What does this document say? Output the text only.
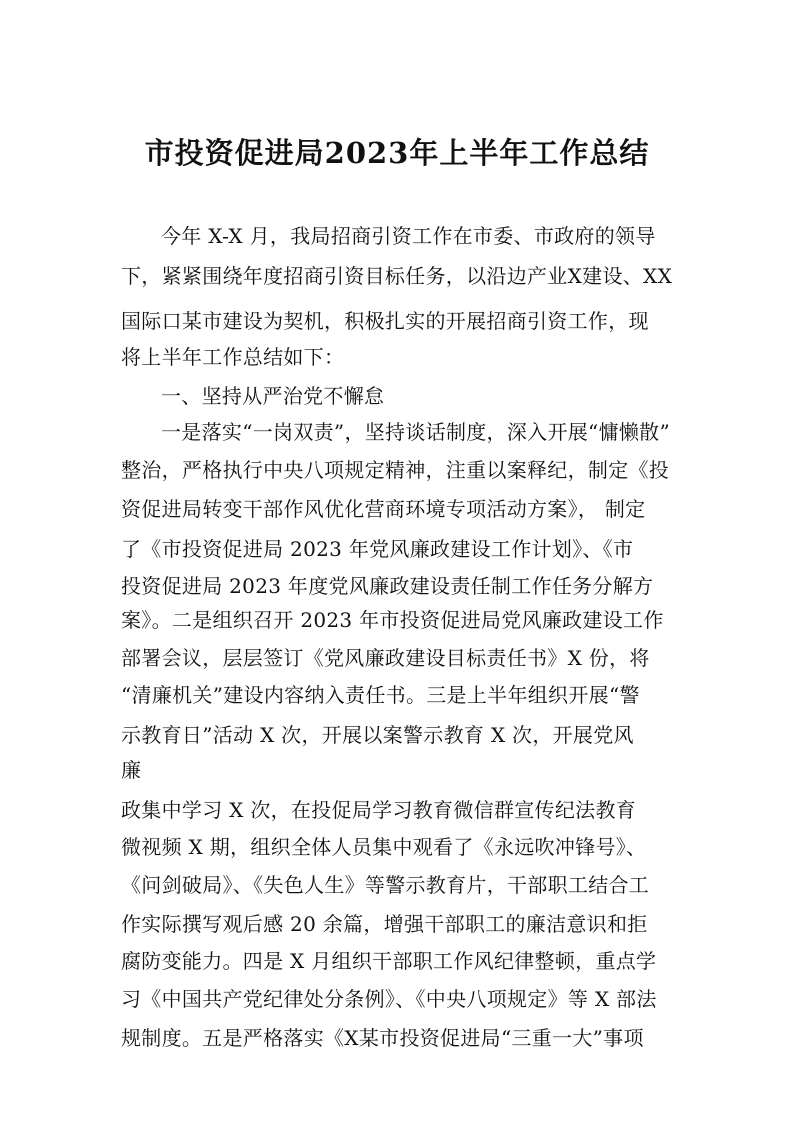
市投资促进局2023年上半年工作总结
今年 X-X 月，我局招商引资工作在市委、市政府的领导
下，紧紧围绕年度招商引资目标任务，以沿边产业X建设、XX
国际口某市建设为契机，积极扎实的开展招商引资工作，现
将上半年工作总结如下：
一、坚持从严治党不懈怠
一是落实“一岗双责”，坚持谈话制度，深入开展“慵懒散”
整治，严格执行中央八项规定精神，注重以案释纪，制定《投
资促进局转变干部作风优化营商环境专项活动方案》， 制定
了《市投资促进局 2023 年党风廉政建设工作计划》、《市
投资促进局 2023 年度党风廉政建设责任制工作任务分解方
案》。二是组织召开 2023 年市投资促进局党风廉政建设工作
部署会议，层层签订《党风廉政建设目标责任书》X 份，将
“清廉机关”建设内容纳入责任书。三是上半年组织开展“警
示教育日”活动 X 次，开展以案警示教育 X 次，开展党风
廉
政集中学习 X 次，在投促局学习教育微信群宣传纪法教育
微视频 X 期，组织全体人员集中观看了《永远吹冲锋号》、
《问剑破局》、《失色人生》等警示教育片，干部职工结合工
作实际撰写观后感 20 余篇，增强干部职工的廉洁意识和拒
腐防变能力。四是 X 月组织干部职工作风纪律整顿，重点学
习《中国共产党纪律处分条例》、《中央八项规定》等 X 部法
规制度。五是严格落实《X某市投资促进局“三重一大”事项
